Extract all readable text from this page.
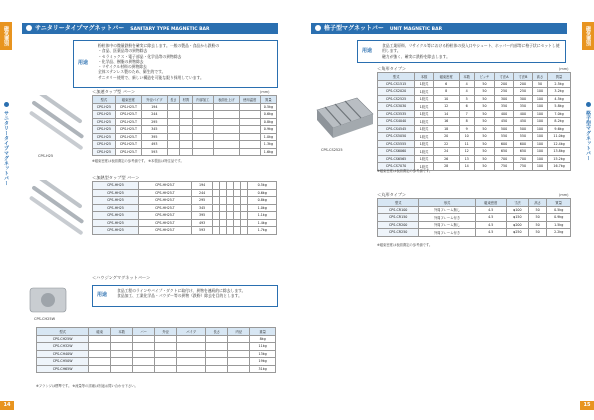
磁気選別
サニタリータイプマグネットバー
サニタリータイプマグネットバー SANITARY TYPE MAGNETIC BAR
用途
粉粒体中の微量鉄粉を確実に除去します。一般の製品・食品から鉄粉の
・食品、医薬品等の異物除去
・セラミックス・電子部品・化学品等の異物除去
・化学品、樹脂の異物除去
・リサイクル材料の異物除去
全体ステンレス製のため、衛生的です。
サニタリー使用で、新しい構造を可能な限り採用しています。
＜加速タップ型 バー＞	(mm)
CPS-H25
型式	磁束密度	外径パイプ	長さ	材質	内部加工	表面仕上げ	使用温度	質量
CPS-H25	CPS-H25-T	194						0.5kg
CPS-H25	CPS-H25-T	244						0.6kg
CPS-H25	CPS-H25-T	295						0.8kg
CPS-H25	CPS-H25-T	345						0.9kg
CPS-H25	CPS-H25-T	395						1.0kg
CPS-H25	CPS-H25-T	493						1.3kg
CPS-H25	CPS-H25-T	593						1.6kg
※磁束密度は表面測定の参考値です。 ※本製品は特注品です。
＜加熱型タップ型 バー＞
CPS-HH25	CPS-HH25-T	194						0.5kg
CPS-HH25	CPS-HH25-T	244						0.6kg
CPS-HH25	CPS-HH25-T	295						0.8kg
CPS-HH25	CPS-HH25-T	345						1.0kg
CPS-HH25	CPS-HH25-T	395						1.1kg
CPS-HH25	CPS-HH25-T	493						1.4kg
CPS-HH25	CPS-HH25-T	593						1.7kg
＜ハウジングマグネットバー＞
CPS-CH25W
用途
食品工程のラインやバイプ・ダクトに取付け、異物を連続的に除去します。
食品加工、工業化学品・パウダー等の異物（鉄粉）除去を目的とします。
型式	磁束	本数	バー	外径	パイプ	長さ	内径	重量
CPS-CH25W								8kg
CPS-CH32W								11kg
CPS-CH40W								13kg
CPS-CH50W								19kg
CPS-CH65W								31kg
※フランジは標準です。 ※流量等の詳細は別途お問い合わせ下さい。
14
磁気選別
格子型マグネットバー
格子型マグネットバー UNIT MAGNETIC BAR
用途
食品工業原料、リサイクル等における粉粒体の投入口やシュート、ホッパー内部等に格子状にセットし使用します。
磁力が強く、確実に鉄粉を除去します。
＜角形タイプ＞	(mm)
CPS-CS2525
型式	本数	磁束密度	本数	ピッチ	寸法A	寸法B	高さ	質量
CPS-CS1515	1段式	6	4	50	200	200	50	2.5kg
CPS-CS2020	1段式	8	4	50	250	250	100	3.2kg
CPS-CS2525	1段式	10	5	50	300	300	100	4.5kg
CPS-CS3030	1段式	12	6	50	350	350	100	5.8kg
CPS-CS3535	1段式	14	7	50	400	400	100	7.0kg
CPS-CS4040	1段式	16	8	50	450	450	100	8.2kg
CPS-CS4545	1段式	18	9	50	500	500	100	9.6kg
CPS-CS5050	1段式	20	10	50	550	550	100	11.0kg
CPS-CS5555	1段式	22	11	50	600	600	100	12.4kg
CPS-CS6060	1段式	24	12	50	650	650	100	13.8kg
CPS-CS6565	1段式	26	13	50	700	700	100	15.2kg
CPS-CS7070	1段式	28	14	50	750	750	100	16.7kg
※磁束密度は表面測定の参考値です。
＜丸形タイプ＞	(mm)
型式	形式	磁束密度	寸法	高さ	質量
CPS-CR100	外周フレーム無し	4.5	φ100	50	0.5kg
CPS-CR150	外周フレーム付き	4.5	φ150	50	0.9kg
CPS-CR200	外周フレーム無し	4.5	φ200	50	1.5kg
CPS-CR250	外周フレーム付き	4.5	φ250	50	2.2kg
※磁束密度は表面測定の参考値です。
15
